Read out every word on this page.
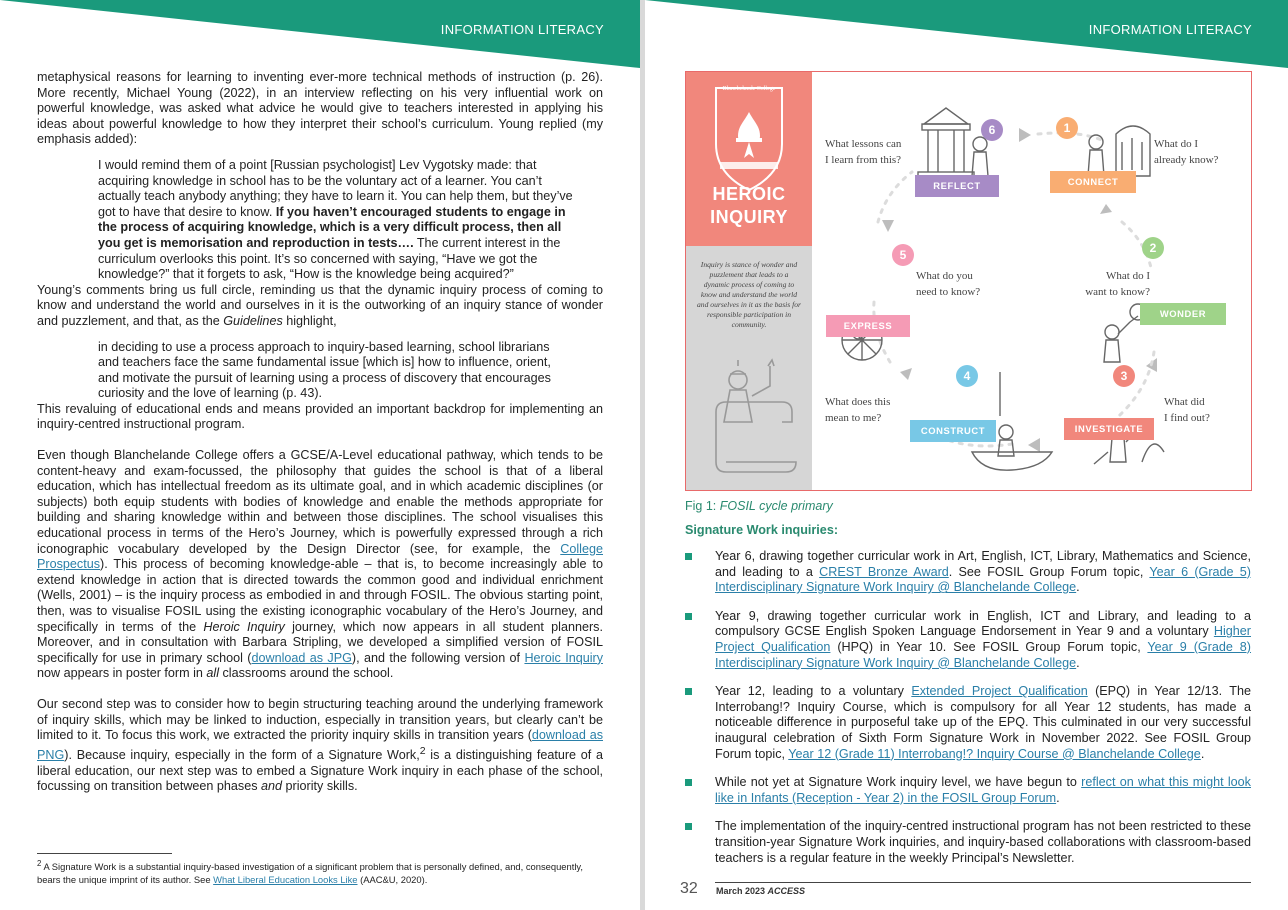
INFORMATION LITERACY

metaphysical reasons for learning to inventing ever-more technical methods of instruction (p. 26). More recently, Michael Young (2022), in an interview reflecting on his very influential work on powerful knowledge, was asked what advice he would give to teachers interested in applying his ideas about powerful knowledge to how they interpret their school’s curriculum. Young replied (my emphasis added):

I would remind them of a point [Russian psychologist] Lev Vygotsky made: that acquiring knowledge in school has to be the voluntary act of a learner. You can’t actually teach anybody anything; they have to learn it. You can help them, but they’ve got to have that desire to know. If you haven’t encouraged students to engage in the process of acquiring knowledge, which is a very difficult process, then all you get is memorisation and reproduction in tests…. The current interest in the curriculum overlooks this point. It’s so concerned with saying, “Have we got the knowledge?” that it forgets to ask, “How is the knowledge being acquired?”

Young’s comments bring us full circle, reminding us that the dynamic inquiry process of coming to know and understand the world and ourselves in it is the outworking of an inquiry stance of wonder and puzzlement, and that, as the Guidelines highlight,

in deciding to use a process approach to inquiry-based learning, school librarians and teachers face the same fundamental issue [which is] how to influence, orient, and motivate the pursuit of learning using a process of discovery that encourages curiosity and the love of learning (p. 43).

This revaluing of educational ends and means provided an important backdrop for implementing an inquiry-centred instructional program.

Even though Blanchelande College offers a GCSE/A-Level educational pathway, which tends to be content-heavy and exam-focussed, the philosophy that guides the school is that of a liberal education, which has intellectual freedom as its ultimate goal, and in which academic disciplines (or subjects) both equip students with bodies of knowledge and enable the methods appropriate for building and sharing knowledge within and between those disciplines. The school visualises this educational process in terms of the Hero’s Journey, which is powerfully expressed through a rich iconographic vocabulary developed by the Design Director (see, for example, the College Prospectus). This process of becoming knowledge-able – that is, to become increasingly able to extend knowledge in action that is directed towards the common good and individual enrichment (Wells, 2001) – is the inquiry process as embodied in and through FOSIL. The obvious starting point, then, was to visualise FOSIL using the existing iconographic vocabulary of the Hero’s Journey, and specifically in terms of the Heroic Inquiry journey, which now appears in all student planners. Moreover, and in consultation with Barbara Stripling, we developed a simplified version of FOSIL specifically for use in primary school (download as JPG), and the following version of Heroic Inquiry now appears in poster form in all classrooms around the school.

Our second step was to consider how to begin structuring teaching around the underlying framework of inquiry skills, which may be linked to induction, especially in transition years, but clearly can’t be limited to it. To focus this work, we extracted the priority inquiry skills in transition years (download as PNG). Because inquiry, especially in the form of a Signature Work,$^2$ is a distinguishing feature of a liberal education, our next step was to embed a Signature Work inquiry in each phase of the school, focussing on transition between phases and priority skills.

$^2$ A Signature Work is a substantial inquiry-based investigation of a significant problem that is personally defined, and, consequently, bears the unique imprint of its author. See What Liberal Education Looks Like (AAC&U, 2020).

INFORMATION LITERACY
Blanchelande College
HEROIC
INQUIRY
Inquiry is stance of wonder and puzzlement that leads to a dynamic process of coming to know and understand the world and ourselves in it as the basis for responsible participation in community.
What lessons can
I learn from this?
What do I
already know?
What do I
want to know?
What do you
need to know?
What does this
mean to me?
What did
I find out?
REFLECT	CONNECT
WONDER
EXPRESS
CONSTRUCT	INVESTIGATE
6	1
2
5
4	3
Fig 1: FOSIL cycle primary
Signature Work inquiries:
Year 6, drawing together curricular work in Art, English, ICT, Library, Mathematics and Science, and leading to a CREST Bronze Award. See FOSIL Group Forum topic, Year 6 (Grade 5) Interdisciplinary Signature Work Inquiry @ Blanchelande College.
Year 9, drawing together curricular work in English, ICT and Library, and leading to a compulsory GCSE English Spoken Language Endorsement in Year 9 and a voluntary Higher Project Qualification (HPQ) in Year 10. See FOSIL Group Forum topic, Year 9 (Grade 8) Interdisciplinary Signature Work Inquiry @ Blanchelande College.
Year 12, leading to a voluntary Extended Project Qualification (EPQ) in Year 12/13. The Interrobang!? Inquiry Course, which is compulsory for all Year 12 students, has made a noticeable difference in purposeful take up of the EPQ. This culminated in our very successful inaugural celebration of Sixth Form Signature Work in November 2022. See FOSIL Group Forum topic, Year 12 (Grade 11) Interrobang!? Inquiry Course @ Blanchelande College.
While not yet at Signature Work inquiry level, we have begun to reflect on what this might look like in Infants (Reception - Year 2) in the FOSIL Group Forum.
The implementation of the inquiry-centred instructional program has not been restricted to these transition-year Signature Work inquiries, and inquiry-based collaborations with classroom-based teachers is a regular feature in the weekly Principal’s Newsletter.
32 March 2023 ACCESS
